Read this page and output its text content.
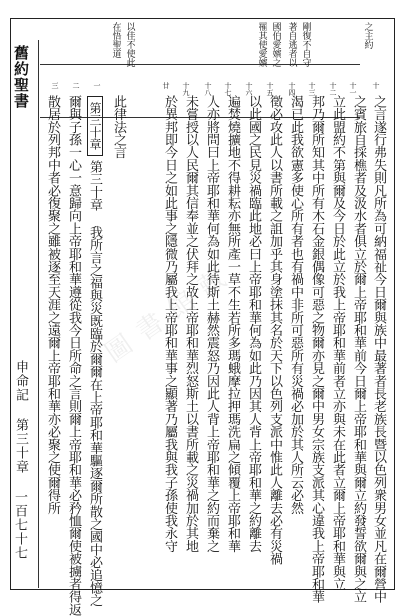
舊約聖書
申命記 第三十章
一百七十七
之主約
剛復不自守
著自逃者以
國伯愛嬪之
罹其使愛嬪
以佳不使此
在悟聖道
十
十一
十二
十三
十四
十五
十六
十七
十八
十九
廿
一
二
三
之言遂行弗失則凡所為可納福祉今日爾與族中最著者長老族長暨以色列衆男女並凡在爾營中
之賓旅自採樵者及汲水者俱立於爾上帝耶和華前今日爾上帝耶和華與爾立約發誓欲爾與之立
立此盟約不第與爾及今日於此立於我上帝耶和華前者立亦與未在此者立爾上帝耶和華與立
邦乃爾所知其中所有木石金銀偶像可惡之物爾亦見之爾中男女宗族支派其心違我上帝耶和華
渴已此我欲憲多使心所有者也有禍中非所可惡所有災禍必加於其人所云必然
徵必攻此人以書所載之詛加乎其身塗抹其名於天下以色列支派中惟此人離去必有災禍
以此國之民見災禍臨此地必曰上帝耶和華何為如此乃因其人背上帝耶和華之約離去
遍焚燒擴地不得耕耘亦無所產一草不生若所多瑪蛾摩拉押瑪洗扁之傾覆上帝耶和華
人亦將問曰上帝耶和華何為如此待斯土赫然震怒乃因此人背上帝耶和華之約而棄之
未嘗授以人民爾其信奉並之伏拜之故上帝耶和華烈怒斯土以書所載之災禍加於其地
於異邦即今日之如此事之隱微乃屬我上帝耶和華事之顯著乃屬我與我子孫使我永守
此律法之言
第三十章 我所言之福與災既臨於爾爾在上帝耶和華驅逐爾所散之國中必追憶之
爾與子孫一心一意歸向上帝耶和華遵從我今日所命之言則爾上帝耶和華必矜恤爾使被擄者得返
散居於列邦中者必復聚之雖被逐至天涯之遠爾上帝耶和華亦必聚之使爾得所 第三十章
圖書館藏
